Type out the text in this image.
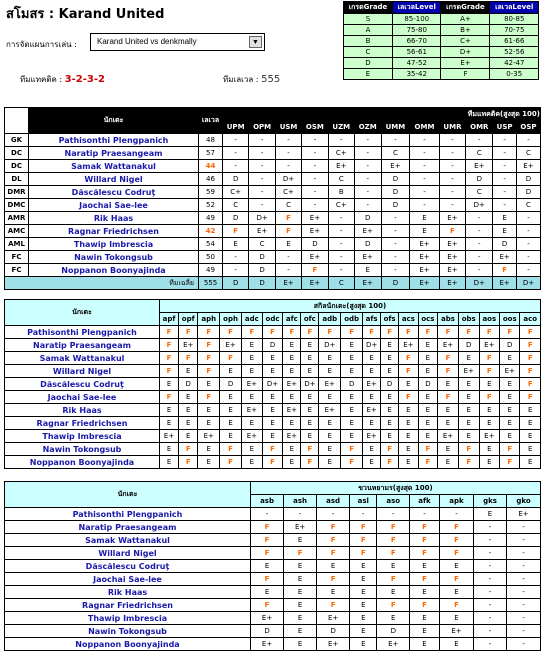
สโมสร : Karand United
การจัดแผนการเล่น :	Karand United vs denkmally	▼
ทีมแทคติค : 3-2-3-2	ทีมเลเวล : 555
เกรดGrade	เลเวลLevel	เกรดGrade	เลเวลLevel
S	85-100	A+	80-85
A	75-80	B+	70-75
B	66-70	C+	61-66
C	56-61	D+	52-56
D	47-52	E+	42-47
E	35-42	F	0-35
	นักเตะ	เลเวล	ทีมแทคติค(สูงสุด 100)											
			UPM	OPM	USM	OSM	UZM	OZM	UMM	OMM	UMR	OMR	USP	OSP
GK	Pathisonthi Plengpanich	48	-	-	-	-	-	-	-	-	-	-	-	-
DC	Naratip Praesangeam	57	-	-	-	-	C+	-	C	-	-	C	-	C
DC	Samak Wattanakul	44	-	-	-	-	E+	-	E+	-	-	E+	-	E+
DL	Willard Nigel	46	D	-	D+	-	C	-	D	-	-	D	-	D
DMR	Dăscălescu Codruţ	59	C+	-	C+	-	B	-	D	-	-	C	-	D
DMC	Jaochai Sae-lee	52	C	-	C	-	C+	-	D	-	-	D+	-	C
AMR	Rik Haas	49	D	D+	F	E+	-	D	-	E	E+	-	E	-
AMC	Ragnar Friedrichsen	42	F	E+	F	E+	-	E+	-	E	F	-	E	-
AML	Thawip Imbrescia	54	E	C	E	D	-	D	-	E+	E+	-	D	-
FC	Nawin Tokongsub	50	-	D	-	E+	-	E+	-	E+	E+	-	E+	-
FC	Noppanon Boonyajinda	49	-	D	-	F	-	E	-	E+	E+	-	F	-
ทีมเฉลี่ย		555	D	D	E+	E+	C	E+	D	E+	E+	D+	E+	D+
นักเตะ	สกิลนักเตะ(สูงสุด 100)																		
	apf	opf	aph	oph	adc	odc	afc	ofc	adb	odb	afs	ofs	acs	ocs	abs	obs	aos	oos	aco
Pathisonthi Plengpanich	F	F	F	F	F	F	F	F	F	F	F	F	F	F	F	F	F	F	F
Naratip Praesangeam	F	E+	F	E+	E	D	E	E	D+	E	D+	E	E+	E	E+	D	E+	D	F
Samak Wattanakul	F	F	F	F	E	E	E	E	E	E	E	E	F	E	F	E	F	E	F
Willard Nigel	F	E	F	E	E	E	E	E	E	E	E	E	F	E	F	E+	F	E+	F
Dăscălescu Codruţ	E	D	E	D	E+	D+	E+	D+	E+	D	E+	D	E	D	E	E	E	E	F
Jaochai Sae-lee	F	E	F	E	E	E	E	E	E	E	E	E	F	E	F	E	F	E	F
Rik Haas	E	E	E	E	E+	E	E+	E	E+	E	E+	E	E	E	E	E	E	E	E
Ragnar Friedrichsen	E	E	E	E	E	E	E	E	E	E	E	E	E	E	E	E	E	E	E
Thawip Imbrescia	E+	E	E+	E	E+	E	E+	E	E	E	E+	E	E	E	E+	E	E+	E	E
Nawin Tokongsub	E	F	E	F	E	F	E	F	E	F	E	F	E	F	E	F	E	F	E
Noppanon Boonyajinda	E	F	E	F	E	F	E	F	E	F	E	F	E	F	E	F	E	F	E
นักเตะ	ขวนหยามร(สูงสุด 100)								
	asb	ash	asd	asl	aso	afk	apk	gks	gko
Pathisonthi Plengpanich	-	-	-	-	-	-	-	E	E+
Naratip Praesangeam	F	E+	F	F	F	F	F	-	-
Samak Wattanakul	F	E	F	F	F	F	F	-	-
Willard Nigel	F	F	F	F	F	F	F	-	-
Dăscălescu Codruţ	E	E	E	E	E	E	E	-	-
Jaochai Sae-lee	F	E	F	E	F	F	F	-	-
Rik Haas	E	E	E	E	E	E	E	-	-
Ragnar Friedrichsen	F	E	F	E	F	F	F	-	-
Thawip Imbrescia	E+	E	E+	E	E	E	E	-	-
Nawin Tokongsub	D	E	D	E	D	E	E+	-	-
Noppanon Boonyajinda	E+	E	E+	E	E+	E	E	-	-
